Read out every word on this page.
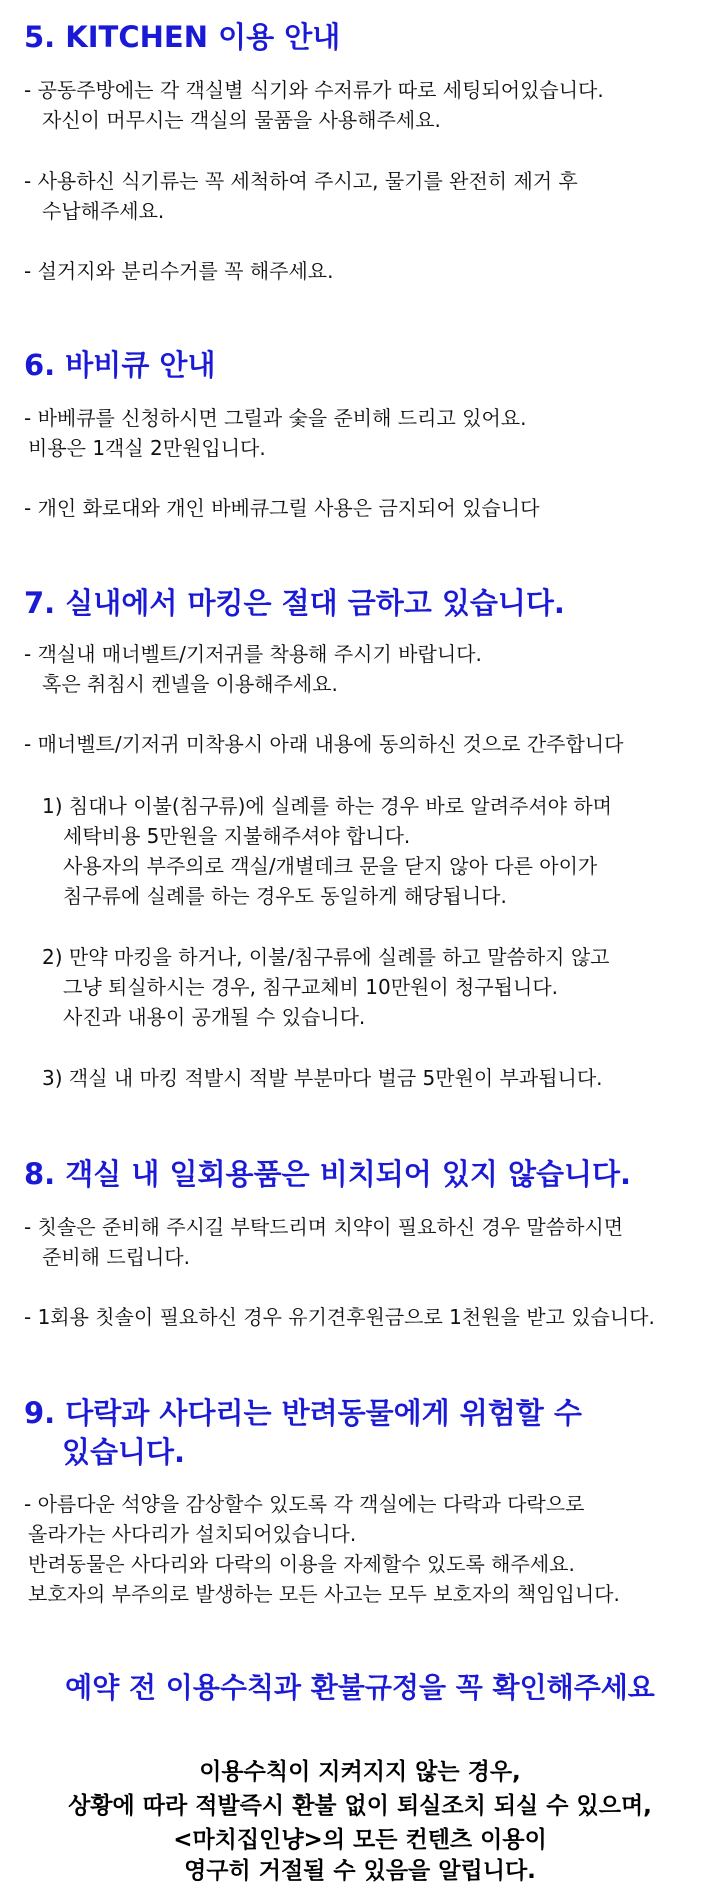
5. KITCHEN 이용 안내

- 공동주방에는 각 객실별 식기와 수저류가 따로 세팅되어있습니다.

자신이 머무시는 객실의 물품을 사용해주세요.

- 사용하신 식기류는 꼭 세척하여 주시고, 물기를 완전히 제거 후

수납해주세요.

- 설거지와 분리수거를 꼭 해주세요.

6. 바비큐 안내

- 바베큐를 신청하시면 그릴과 숯을 준비해 드리고 있어요.

비용은 1객실 2만원입니다.

- 개인 화로대와 개인 바베큐그릴 사용은 금지되어 있습니다

7. 실내에서 마킹은 절대 금하고 있습니다.

- 객실내 매너벨트/기저귀를 착용해 주시기 바랍니다.

혹은 취침시 켄넬을 이용해주세요.

- 매너벨트/기저귀 미착용시 아래 내용에 동의하신 것으로 간주합니다

1) 침대나 이불(침구류)에 실례를 하는 경우 바로 알려주셔야 하며

세탁비용 5만원을 지불해주셔야 합니다.

사용자의 부주의로 객실/개별데크 문을 닫지 않아 다른 아이가

침구류에 실례를 하는 경우도 동일하게 해당됩니다.

2) 만약 마킹을 하거나, 이불/침구류에 실례를 하고 말씀하지 않고

그냥 퇴실하시는 경우, 침구교체비 10만원이 청구됩니다.

사진과 내용이 공개될 수 있습니다.

3) 객실 내 마킹 적발시 적발 부분마다 벌금 5만원이 부과됩니다.

8. 객실 내 일회용품은 비치되어 있지 않습니다.

- 칫솔은 준비해 주시길 부탁드리며 치약이 필요하신 경우 말씀하시면

준비해 드립니다.

- 1회용 칫솔이 필요하신 경우 유기견후원금으로 1천원을 받고 있습니다.

9. 다락과 사다리는 반려동물에게 위험할 수
있습니다.

- 아름다운 석양을 감상할수 있도록 각 객실에는 다락과 다락으로

올라가는 사다리가 설치되어있습니다.

반려동물은 사다리와 다락의 이용을 자제할수 있도록 해주세요.

보호자의 부주의로 발생하는 모든 사고는 모두 보호자의 책임입니다.

예약 전 이용수칙과 환불규정을 꼭 확인해주세요

이용수칙이 지켜지지 않는 경우,

상황에 따라 적발즉시 환불 없이 퇴실조치 되실 수 있으며,

<마치집인냥>의 모든 컨텐츠 이용이

영구히 거절될 수 있음을 알립니다.
